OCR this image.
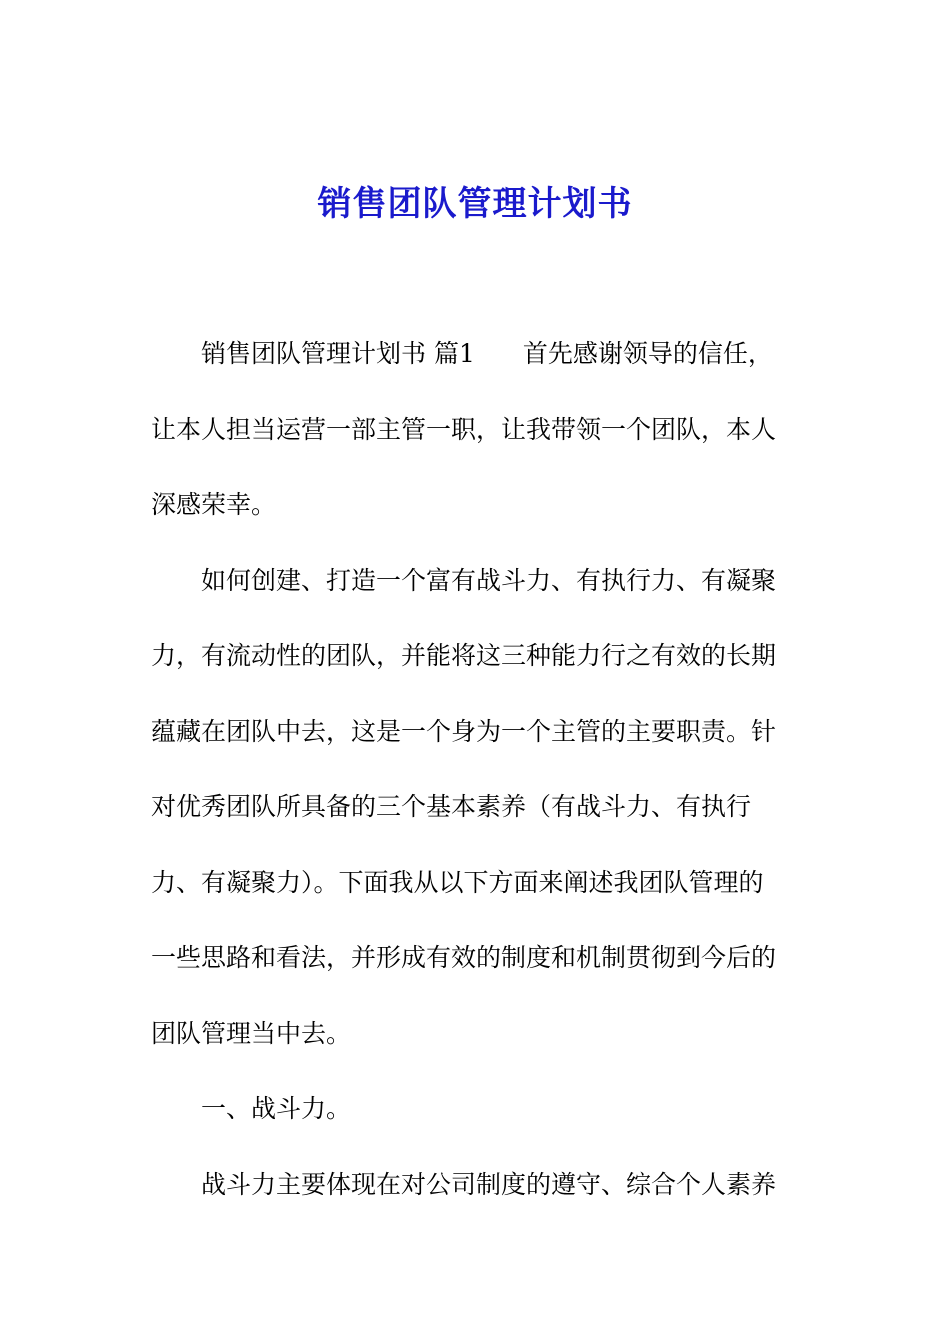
销售团队管理计划书

销售团队管理计划书 篇1 首先感谢领导的信任，
让本人担当运营一部主管一职，让我带领一个团队，本人
深感荣幸。

如何创建、打造一个富有战斗力、有执行力、有凝聚
力，有流动性的团队，并能将这三种能力行之有效的长期
蕴藏在团队中去，这是一个身为一个主管的主要职责。针
对优秀团队所具备的三个基本素养（有战斗力、有执行
力、有凝聚力）。下面我从以下方面来阐述我团队管理的
一些思路和看法，并形成有效的制度和机制贯彻到今后的
团队管理当中去。

一、战斗力。

战斗力主要体现在对公司制度的遵守、综合个人素养
